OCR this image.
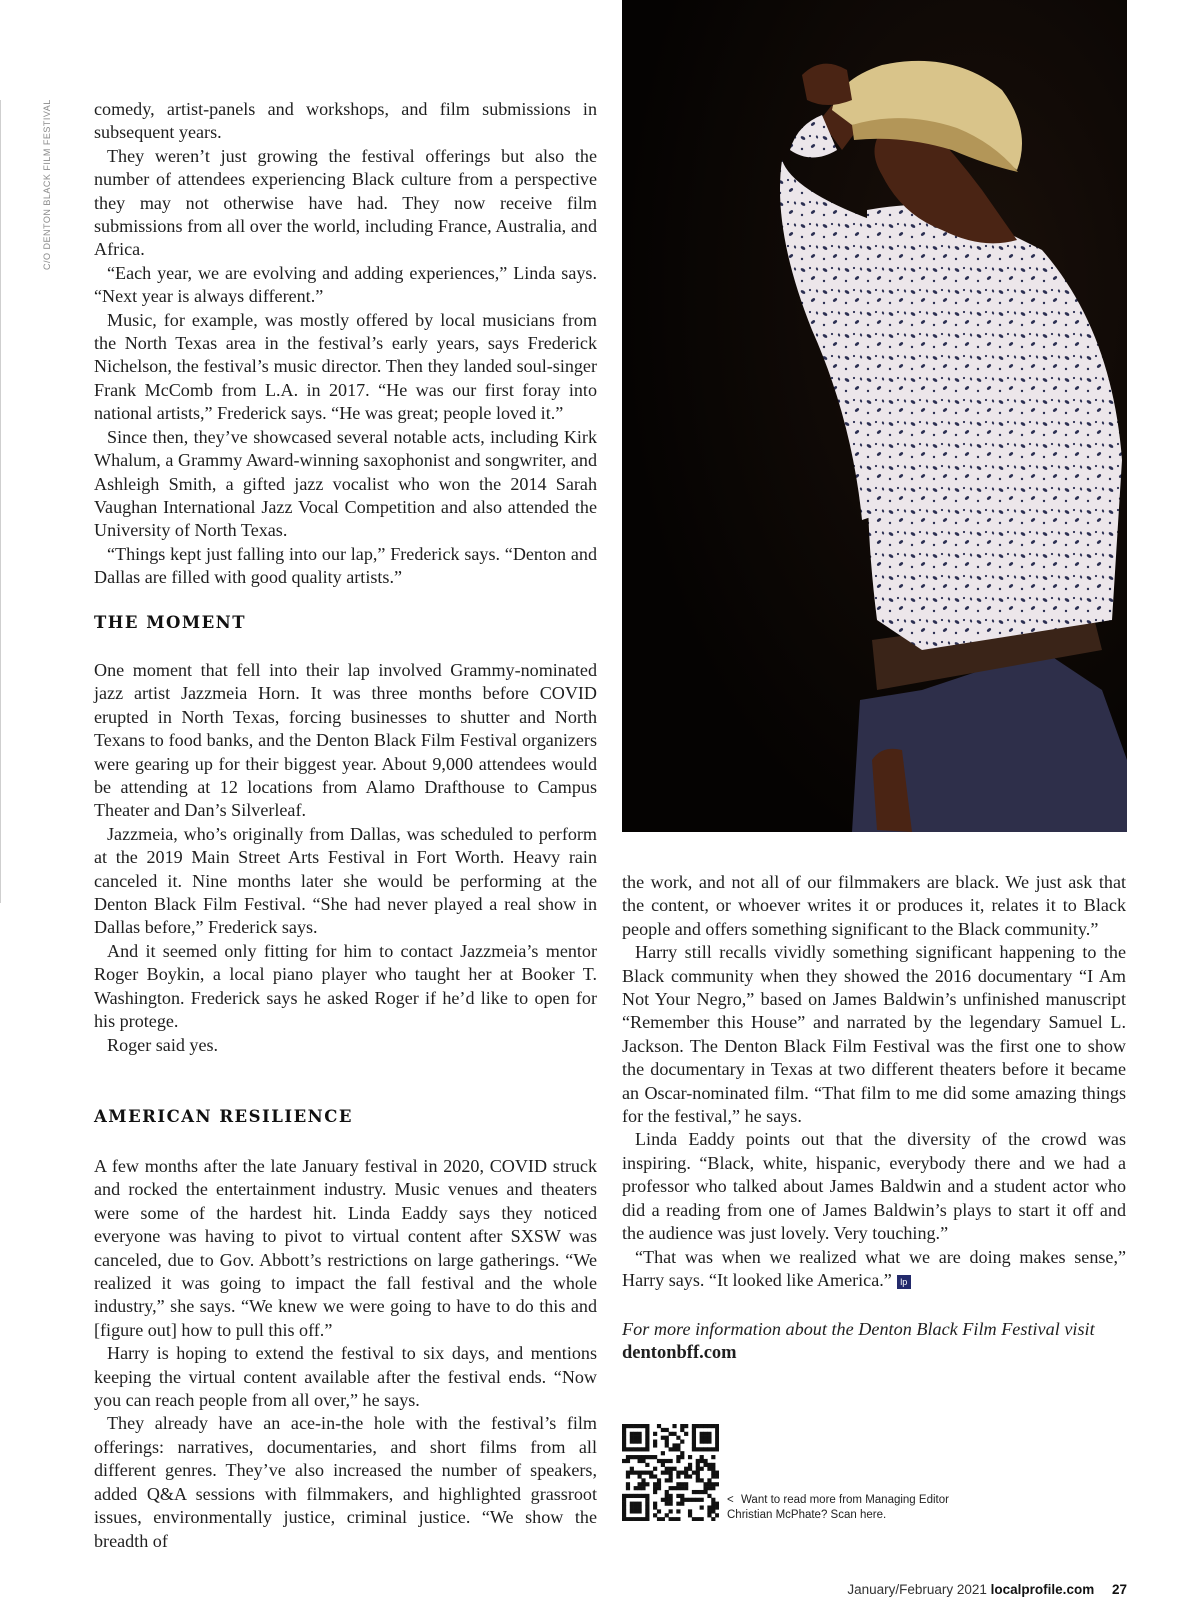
C/O DENTON BLACK FILM FESTIVAL comedy, artist-panels and workshops, and film submissions in subsequent years.

They weren’t just growing the festival offerings but also the number of attendees experiencing Black culture from a perspective they may not otherwise have had. They now receive film submissions from all over the world, including France, Australia, and Africa.

“Each year, we are evolving and adding experiences,” Linda says. “Next year is always different.”

Music, for example, was mostly offered by local musicians from the North Texas area in the festival’s early years, says Frederick Nichelson, the festival’s music director. Then they landed soul-singer Frank McComb from L.A. in 2017. “He was our first foray into national artists,” Frederick says. “He was great; people loved it.”

Since then, they’ve showcased several notable acts, including Kirk Whalum, a Grammy Award-winning saxophonist and songwriter, and Ashleigh Smith, a gifted jazz vocalist who won the 2014 Sarah Vaughan International Jazz Vocal Competition and also attended the University of North Texas.

“Things kept just falling into our lap,” Frederick says. “Denton and Dallas are filled with good quality artists.”

THE MOMENT

One moment that fell into their lap involved Grammy-nominated jazz artist Jazzmeia Horn. It was three months before COVID erupted in North Texas, forcing businesses to shutter and North Texans to food banks, and the Denton Black Film Festival organizers were gearing up for their biggest year. About 9,000 attendees would be attending at 12 locations from Alamo Drafthouse to Campus Theater and Dan’s Silverleaf.

Jazzmeia, who’s originally from Dallas, was scheduled to perform at the 2019 Main Street Arts Festival in Fort Worth. Heavy rain canceled it. Nine months later she would be performing at the Denton Black Film Festival. “She had never played a real show in Dallas before,” Frederick says.

And it seemed only fitting for him to contact Jazzmeia’s mentor Roger Boykin, a local piano player who taught her at Booker T. Washington. Frederick says he asked Roger if he’d like to open for his protege.

Roger said yes.

AMERICAN RESILIENCE

A few months after the late January festival in 2020, COVID struck and rocked the entertainment industry. Music venues and theaters were some of the hardest hit. Linda Eaddy says they noticed everyone was having to pivot to virtual content after SXSW was canceled, due to Gov. Abbott’s restrictions on large gatherings. “We realized it was going to impact the fall festival and the whole industry,” she says. “We knew we were going to have to do this and [figure out] how to pull this off.”

Harry is hoping to extend the festival to six days, and mentions keeping the virtual content available after the festival ends. “Now you can reach people from all over,” he says.

They already have an ace-in-the hole with the festival’s film offerings: narratives, documentaries, and short films from all different genres. They’ve also increased the number of speakers, added Q&A sessions with filmmakers, and highlighted grassroot issues, environmentally justice, criminal justice. “We show the breadth of

the work, and not all of our filmmakers are black. We just ask that the content, or whoever writes it or produces it, relates it to Black people and offers something significant to the Black community.”

Harry still recalls vividly something significant happening to the Black community when they showed the 2016 documentary “I Am Not Your Negro,” based on James Baldwin’s unfinished manuscript “Remember this House” and narrated by the legendary Samuel L. Jackson. The Denton Black Film Festival was the first one to show the documentary in Texas at two different theaters before it became an Oscar-nominated film. “That film to me did some amazing things for the festival,” he says.

Linda Eaddy points out that the diversity of the crowd was inspiring. “Black, white, hispanic, everybody there and we had a professor who talked about James Baldwin and a student actor who did a reading from one of James Baldwin’s plays to start it off and the audience was just lovely. Very touching.”

“That was when we realized what we are doing makes sense,” Harry says. “It looked like America.” lp

For more information about the Denton Black Film Festival visit
dentonbff.com
< Want to read more from Managing Editor Christian McPhate? Scan here.
January/February 2021 localprofile.com 27
